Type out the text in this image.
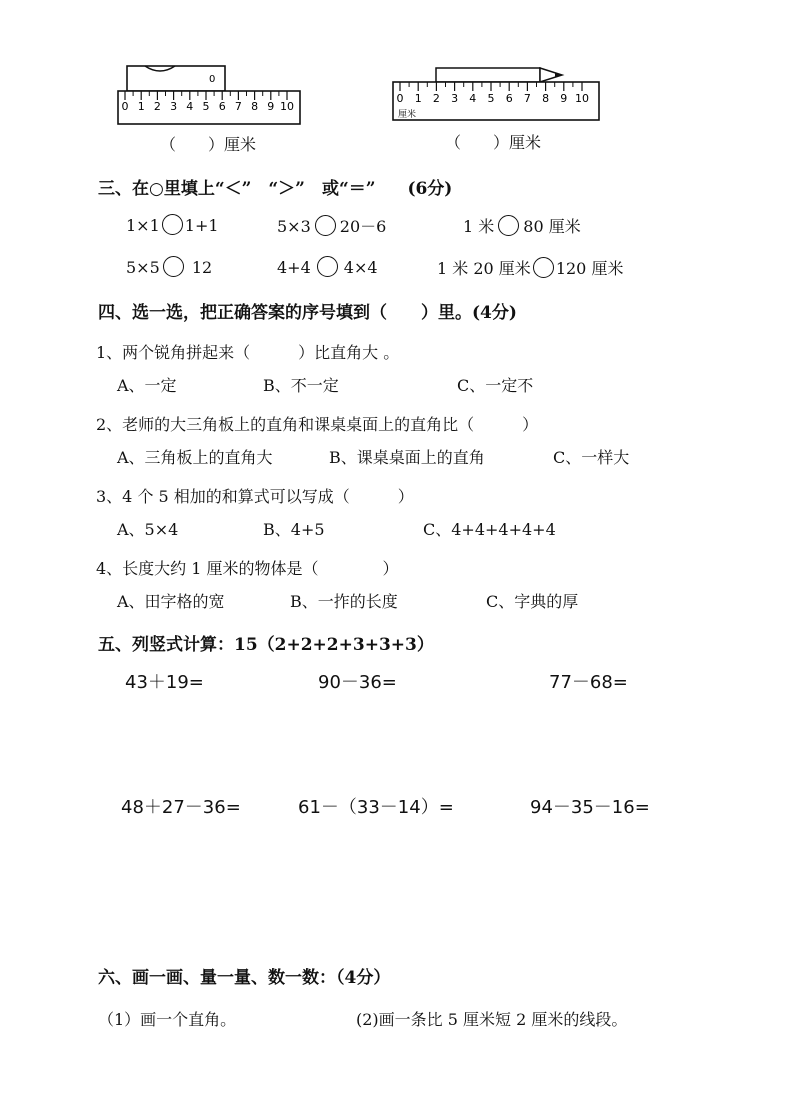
0
0 1 2 3 4 5 6 7 8 9 10
（　　）厘米
厘米
0 1 2 3 4 5 6 7 8 9 10
（　　）厘米
三、在○里填上“＜”　“＞”　或“＝” (6分)
1×1 1+1	5×3 20－6	1 米 80 厘米
5×5 12	4+4 4×4	1 米 20 厘米 120 厘米
四、选一选，把正确答案的序号填到（　　）里。(4分)
1、两个锐角拼起来（　　　）比直角大 。
A、一定	B、不一定	C、一定不
2、老师的大三角板上的直角和课桌桌面上的直角比（　　　）
A、三角板上的直角大	B、课桌桌面上的直角	C、一样大
3、4 个 5 相加的和算式可以写成（　　　）
A、5×4	B、4+5	C、4+4+4+4+4
4、长度大约 1 厘米的物体是（　　　　）
A、田字格的宽	B、一拃的长度	C、字典的厚
五、列竖式计算：15（2+2+2+3+3+3）
43＋19=	90－36=	77－68=
48＋27－36=	61－（33－14）=	94－35－16=
六、画一画、量一量、数一数：（4分）
（1）画一个直角。	(2)画一条比 5 厘米短 2 厘米的线段。
